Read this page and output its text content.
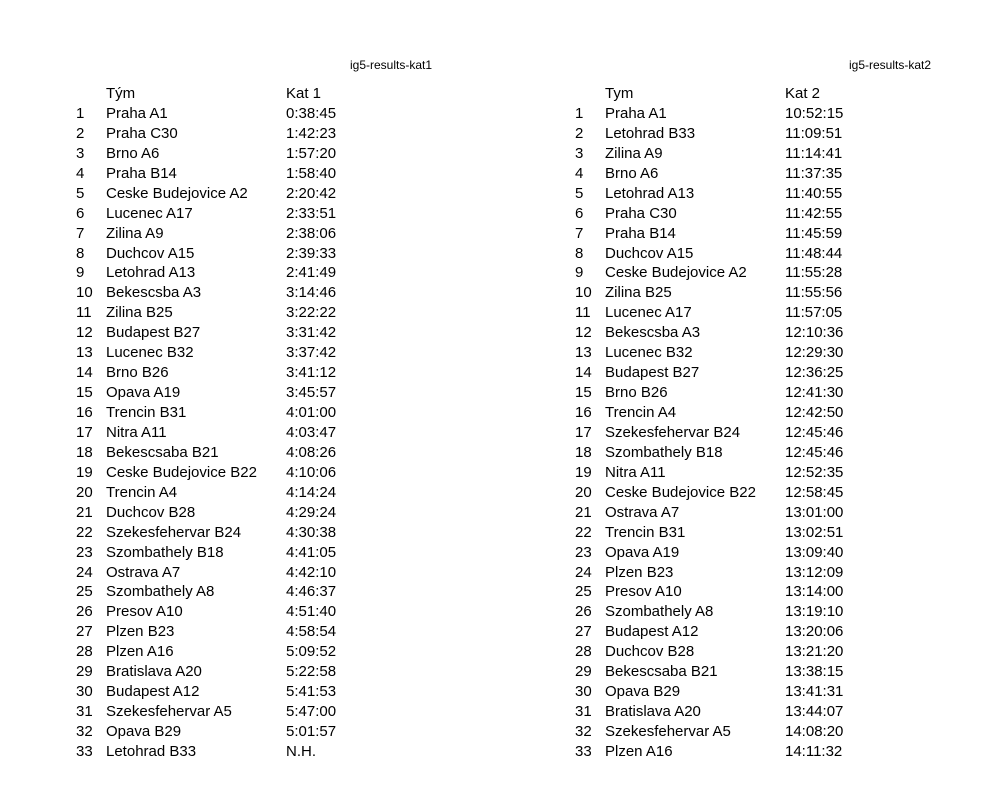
ig5-results-kat1	ig5-results-kat2
Tým	Kat 1
1 Praha A1	0:38:45
2 Praha C30	1:42:23
3 Brno A6	1:57:20
4 Praha B14	1:58:40
5 Ceske Budejovice A2	2:20:42
6 Lucenec A17	2:33:51
7 Zilina A9	2:38:06
8 Duchcov A15	2:39:33
9 Letohrad A13	2:41:49
10 Bekescsba A3	3:14:46
11 Zilina B25	3:22:22
12 Budapest B27	3:31:42
13 Lucenec B32	3:37:42
14 Brno B26	3:41:12
15 Opava A19	3:45:57
16 Trencin B31	4:01:00
17 Nitra A11	4:03:47
18 Bekescsaba B21	4:08:26
19 Ceske Budejovice B22 4:10:06
20 Trencin A4	4:14:24
21 Duchcov B28	4:29:24
22 Szekesfehervar B24	4:30:38
23 Szombathely B18	4:41:05
24 Ostrava A7	4:42:10
25 Szombathely A8	4:46:37
26 Presov A10	4:51:40
27 Plzen B23	4:58:54
28 Plzen A16	5:09:52
29 Bratislava A20	5:22:58
30 Budapest A12	5:41:53
31 Szekesfehervar A5	5:47:00
32 Opava B29	5:01:57
33 Letohrad B33	N.H.
Tym	Kat 2
1 Praha A1	10:52:15
2 Letohrad B33	11:09:51
3 Zilina A9	11:14:41
4 Brno A6	11:37:35
5 Letohrad A13	11:40:55
6 Praha C30	11:42:55
7 Praha B14	11:45:59
8 Duchcov A15	11:48:44
9 Ceske Budejovice A2	11:55:28
10 Zilina B25	11:55:56
11 Lucenec A17	11:57:05
12 Bekescsba A3	12:10:36
13 Lucenec B32	12:29:30
14 Budapest B27	12:36:25
15 Brno B26	12:41:30
16 Trencin A4	12:42:50
17 Szekesfehervar B24	12:45:46
18 Szombathely B18	12:45:46
19 Nitra A11	12:52:35
20 Ceske Budejovice B22 12:58:45
21 Ostrava A7	13:01:00
22 Trencin B31	13:02:51
23 Opava A19	13:09:40
24 Plzen B23	13:12:09
25 Presov A10	13:14:00
26 Szombathely A8	13:19:10
27 Budapest A12	13:20:06
28 Duchcov B28	13:21:20
29 Bekescsaba B21	13:38:15
30 Opava B29	13:41:31
31 Bratislava A20	13:44:07
32 Szekesfehervar A5	14:08:20
33 Plzen A16	14:11:32
